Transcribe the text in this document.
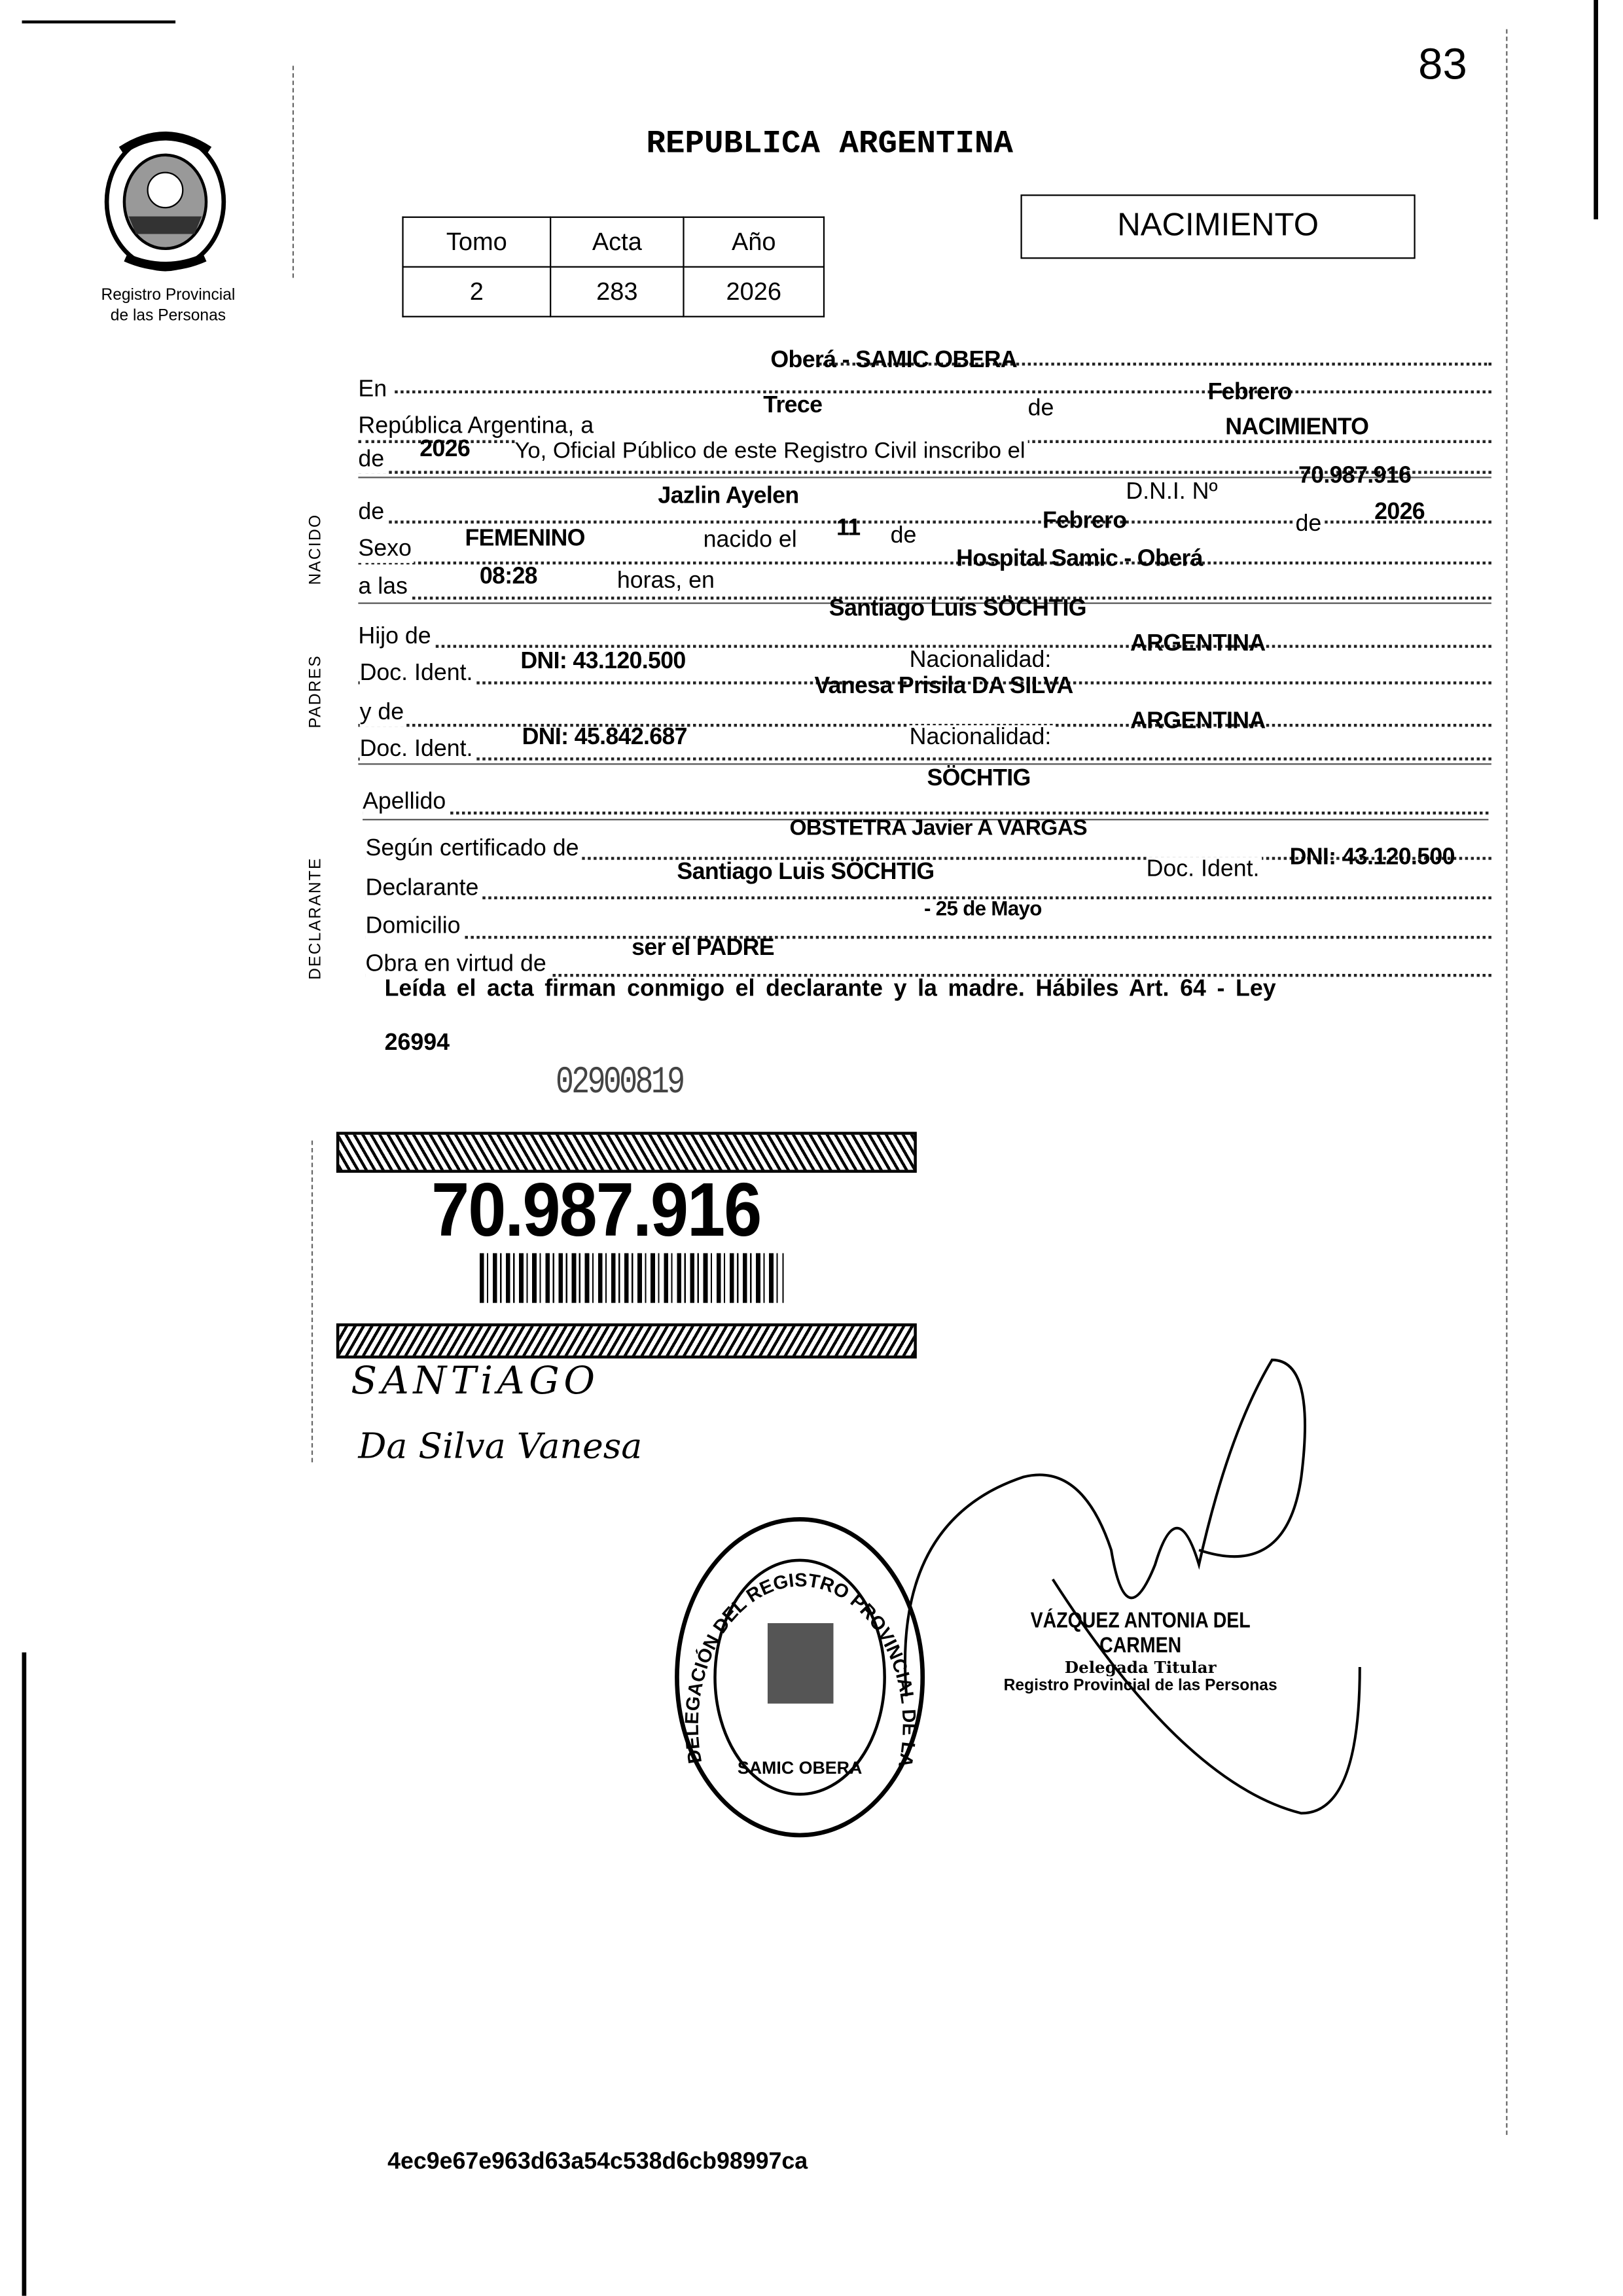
83
Registro Provincial
de las Personas
REPUBLICA ARGENTINA
Tomo	Acta	Año
2	283	2026
NACIMIENTO
NACIDO
PADRES
DECLARANTE
En
Oberá - SAMIC OBERA
República Argentina, a
Trece	de
Febrero
de	2026	Yo, Oficial Público de este Registro Civil inscribo el
NACIMIENTO
de
Jazlin Ayelen	D.N.I. Nº
70.987.916
Sexo	FEMENINO	nacido el	11	de
Febrero	de	2026
a las	08:28	horas, en
Hospital Samic - Oberá
Hijo de
Santiago Luis SÖCHTIG
Doc. Ident.	DNI: 43.120.500	Nacionalidad:
ARGENTINA
y de
Vanesa Prisila DA SILVA
Doc. Ident.	DNI: 45.842.687	Nacionalidad:
ARGENTINA
Apellido
SÖCHTIG
Según certificado de
OBSTETRA Javier A VARGAS
Declarante
Santiago Luis SÖCHTIG	Doc. Ident.	DNI: 43.120.500
Domicilio
- 25 de Mayo
Obra en virtud de
ser el PADRE
Leída el acta firman conmigo el declarante y la madre. Hábiles Art. 64 - Ley
26994
02900819
70.987.916
SANTiAGO
Da Silva Vanesa
DELEGACIÓN DEL REGISTRO PROVINCIAL DE LA
SAMIC OBERA
VÁZQUEZ ANTONIA DEL CARMEN
Delegada Titular
Registro Provincial de las Personas
4ec9e67e963d63a54c538d6cb98997ca
